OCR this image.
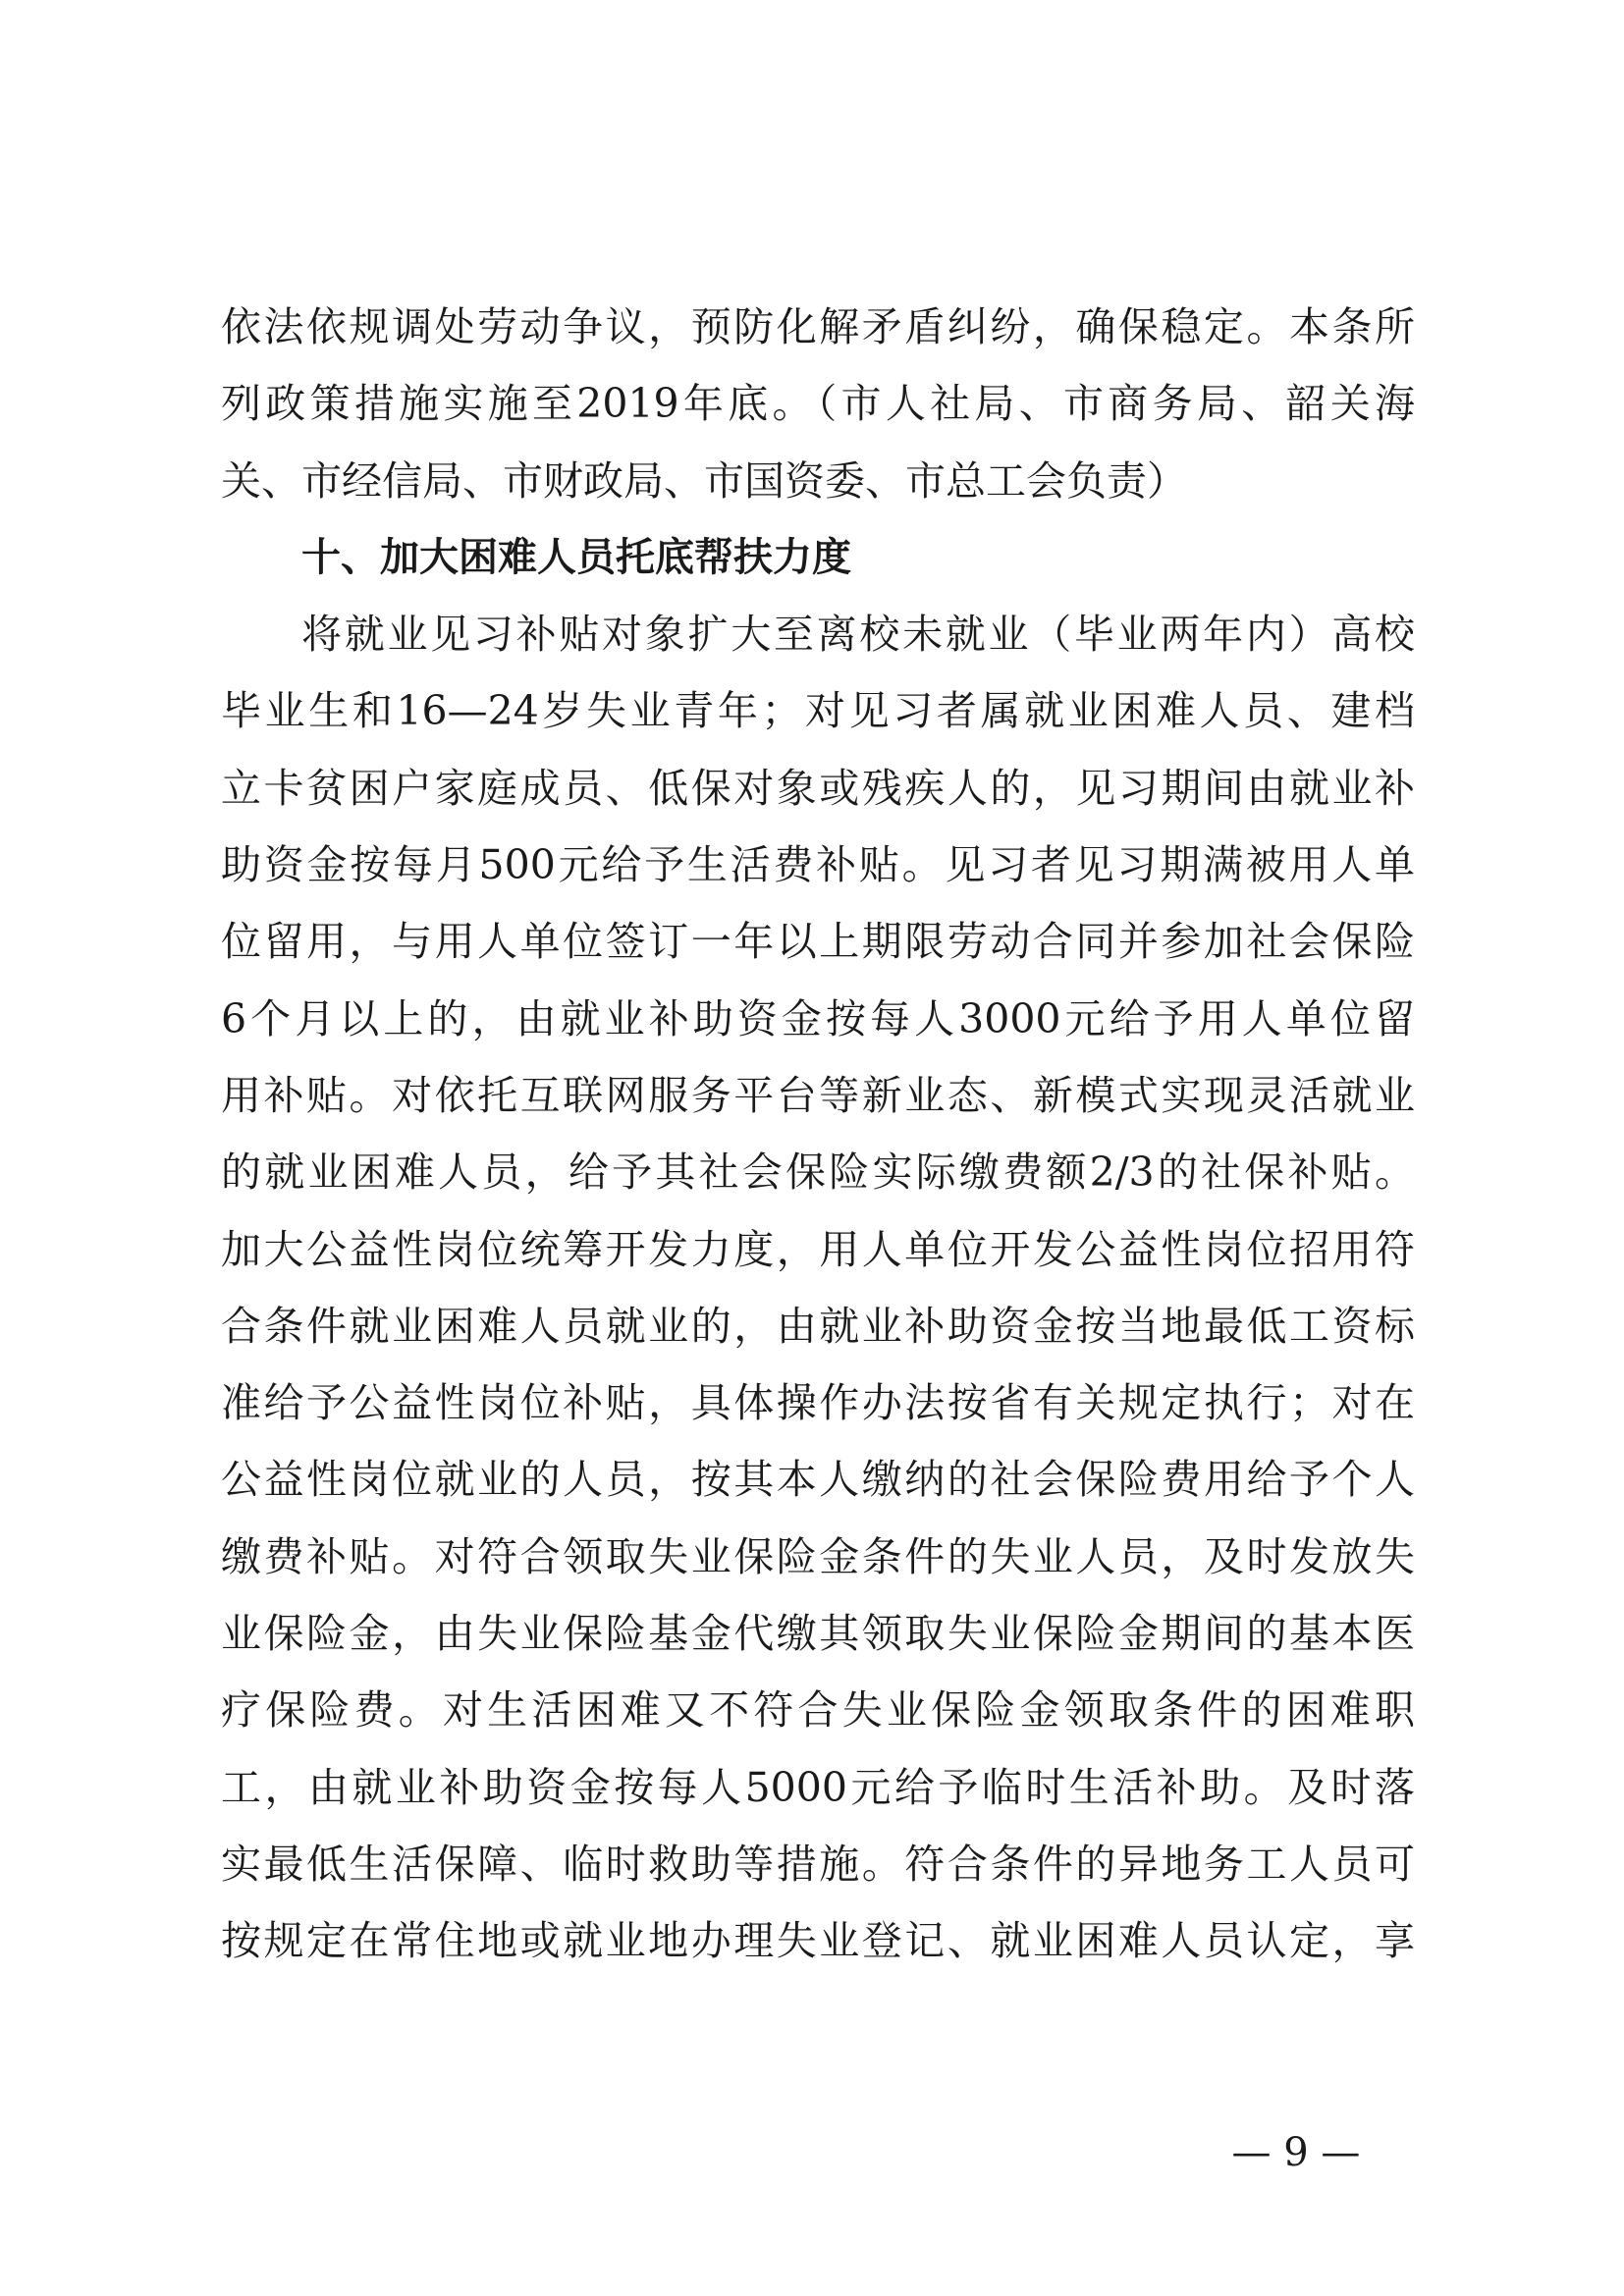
依法依规调处劳动争议，预防化解矛盾纠纷，确保稳定。本条所
列政策措施实施至2019年底。（市人社局、市商务局、韶关海
关、市经信局、市财政局、市国资委、市总工会负责）
十、加大困难人员托底帮扶力度
将就业见习补贴对象扩大至离校未就业（毕业两年内）高校
毕业生和16—24岁失业青年；对见习者属就业困难人员、建档
立卡贫困户家庭成员、低保对象或残疾人的，见习期间由就业补
助资金按每月500元给予生活费补贴。见习者见习期满被用人单
位留用，与用人单位签订一年以上期限劳动合同并参加社会保险
6个月以上的，由就业补助资金按每人3000元给予用人单位留
用补贴。对依托互联网服务平台等新业态、新模式实现灵活就业
的就业困难人员，给予其社会保险实际缴费额2/3的社保补贴。
加大公益性岗位统筹开发力度，用人单位开发公益性岗位招用符
合条件就业困难人员就业的，由就业补助资金按当地最低工资标
准给予公益性岗位补贴，具体操作办法按省有关规定执行；对在
公益性岗位就业的人员，按其本人缴纳的社会保险费用给予个人
缴费补贴。对符合领取失业保险金条件的失业人员，及时发放失
业保险金，由失业保险基金代缴其领取失业保险金期间的基本医
疗保险费。对生活困难又不符合失业保险金领取条件的困难职
工，由就业补助资金按每人5000元给予临时生活补助。及时落
实最低生活保障、临时救助等措施。符合条件的异地务工人员可
按规定在常住地或就业地办理失业登记、就业困难人员认定，享
— 9 —
